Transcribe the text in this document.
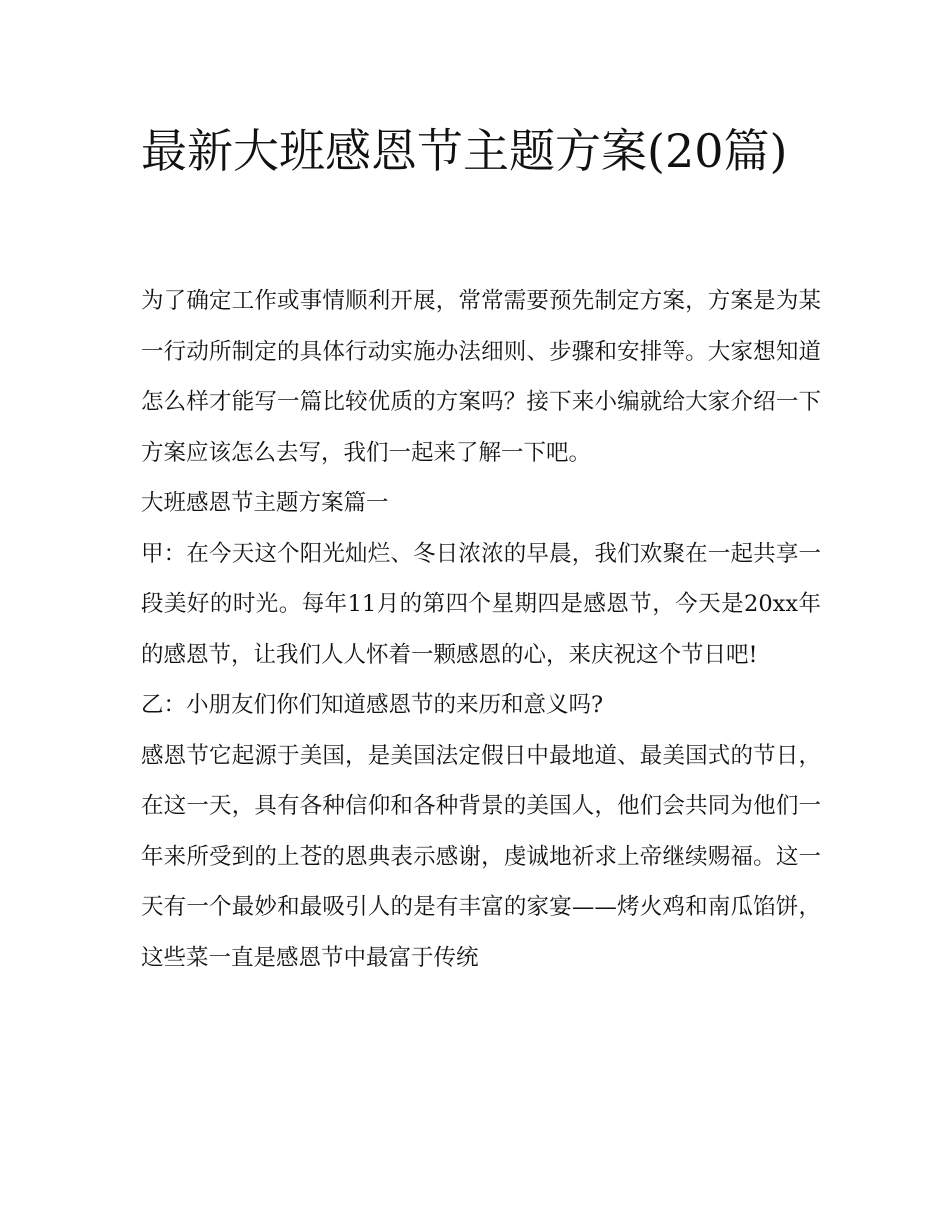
最新大班感恩节主题方案(20篇)

为了确定工作或事情顺利开展，常常需要预先制定方案，方案是为某一行动所制定的具体行动实施办法细则、步骤和安排等。大家想知道怎么样才能写一篇比较优质的方案吗？接下来小编就给大家介绍一下方案应该怎么去写，我们一起来了解一下吧。

大班感恩节主题方案篇一

甲：在今天这个阳光灿烂、冬日浓浓的早晨，我们欢聚在一起共享一段美好的时光。每年11月的第四个星期四是感恩节，今天是20xx年的感恩节，让我们人人怀着一颗感恩的心，来庆祝这个节日吧!

乙：小朋友们你们知道感恩节的来历和意义吗?

感恩节它起源于美国，是美国法定假日中最地道、最美国式的节日，在这一天，具有各种信仰和各种背景的美国人，他们会共同为他们一年来所受到的上苍的恩典表示感谢，虔诚地祈求上帝继续赐福。这一天有一个最妙和最吸引人的是有丰富的家宴——烤火鸡和南瓜馅饼，这些菜一直是感恩节中最富于传统
